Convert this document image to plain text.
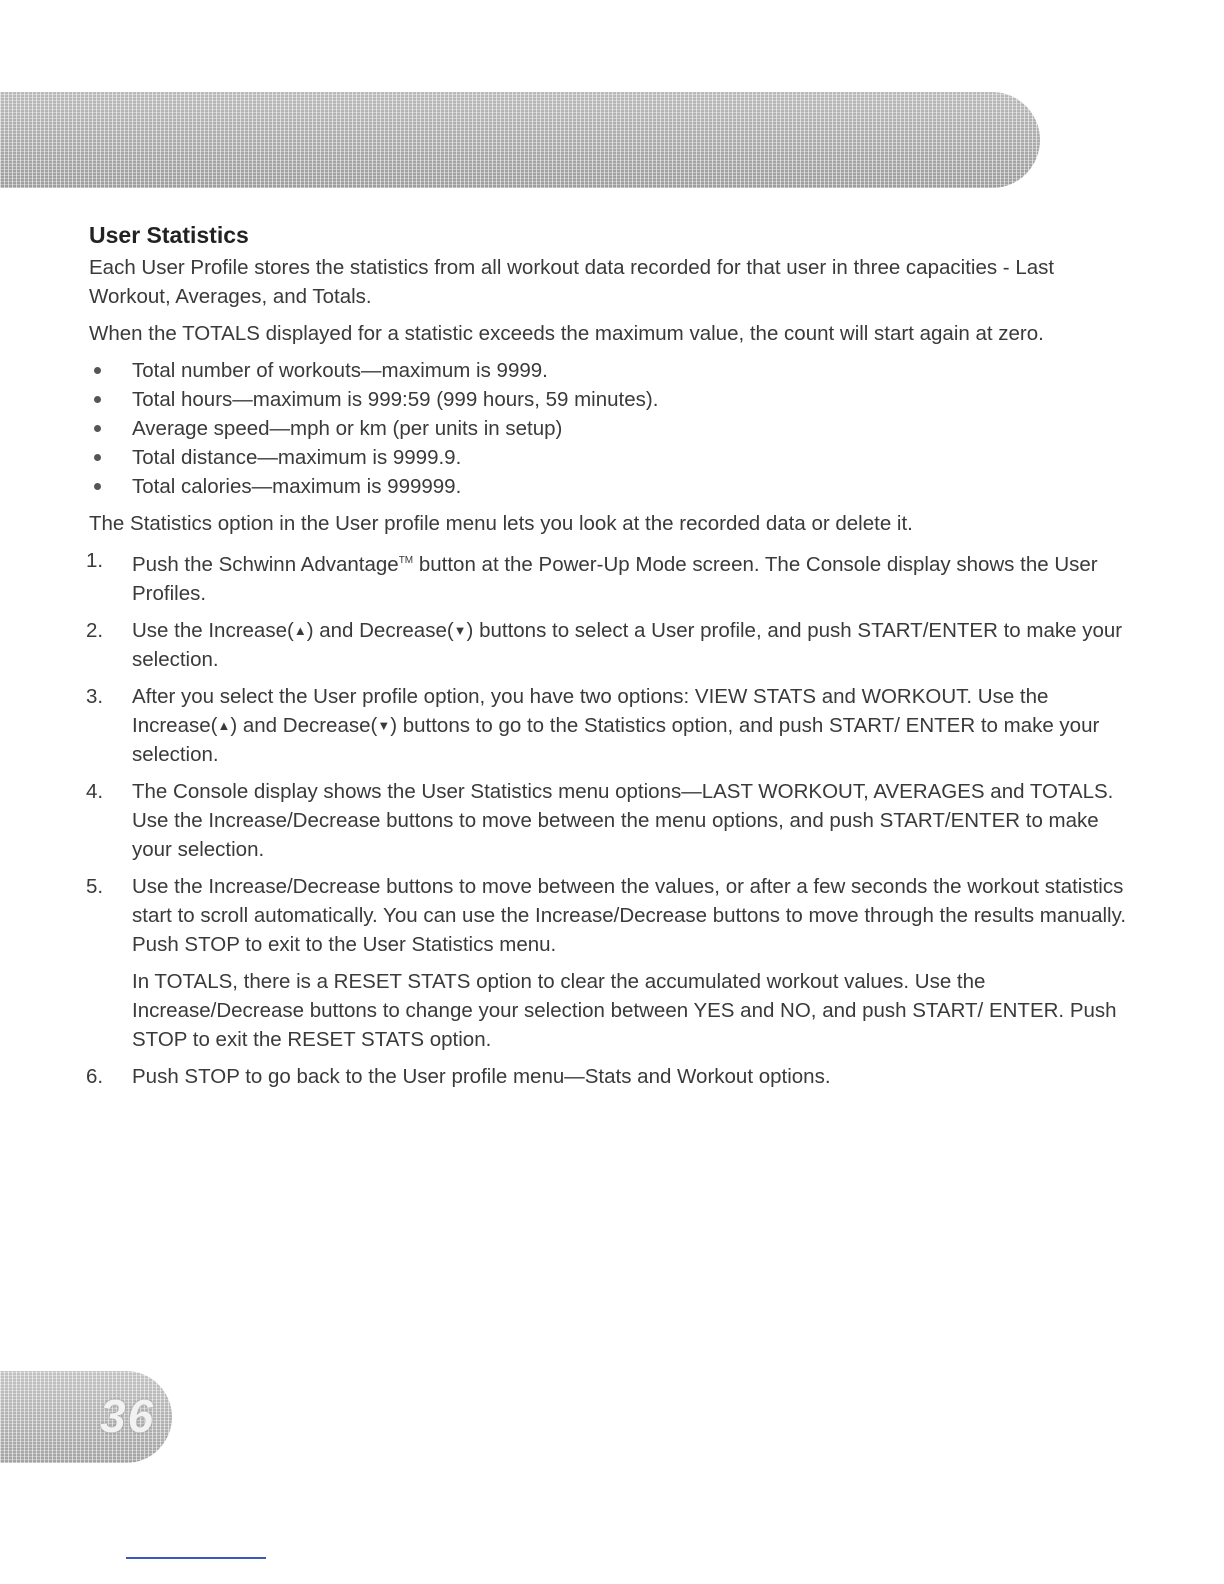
User Statistics

Each User Profile stores the statistics from all workout data recorded for that user in three capacities - Last Workout, Averages, and Totals.

When the TOTALS displayed for a statistic exceeds the maximum value, the count will start again at zero.

Total number of workouts—maximum is 9999.
Total hours—maximum is 999:59 (999 hours, 59 minutes).
Average speed—mph or km (per units in setup)
Total distance—maximum is 9999.9.
Total calories—maximum is 999999.

The Statistics option in the User profile menu lets you look at the recorded data or delete it.

1. Push the Schwinn Advantage™ button at the Power-Up Mode screen. The Console display shows the User Profiles.
2. Use the Increase(▲) and Decrease(▼) buttons to select a User profile, and push START/ENTER to make your selection.
3. After you select the User profile option, you have two options: VIEW STATS and WORKOUT. Use the Increase(▲) and Decrease(▼) buttons to go to the Statistics option, and push START/ ENTER to make your selection.
4. The Console display shows the User Statistics menu options—LAST WORKOUT, AVERAGES and TOTALS. Use the Increase/Decrease buttons to move between the menu options, and push START/ENTER to make your selection.
5. Use the Increase/Decrease buttons to move between the values, or after a few seconds the workout statistics start to scroll automatically. You can use the Increase/Decrease buttons to move through the results manually. Push STOP to exit to the User Statistics menu.
In TOTALS, there is a RESET STATS option to clear the accumulated workout values. Use the Increase/Decrease buttons to change your selection between YES and NO, and push START/ ENTER. Push STOP to exit the RESET STATS option.
6. Push STOP to go back to the User profile menu—Stats and Workout options.
36
